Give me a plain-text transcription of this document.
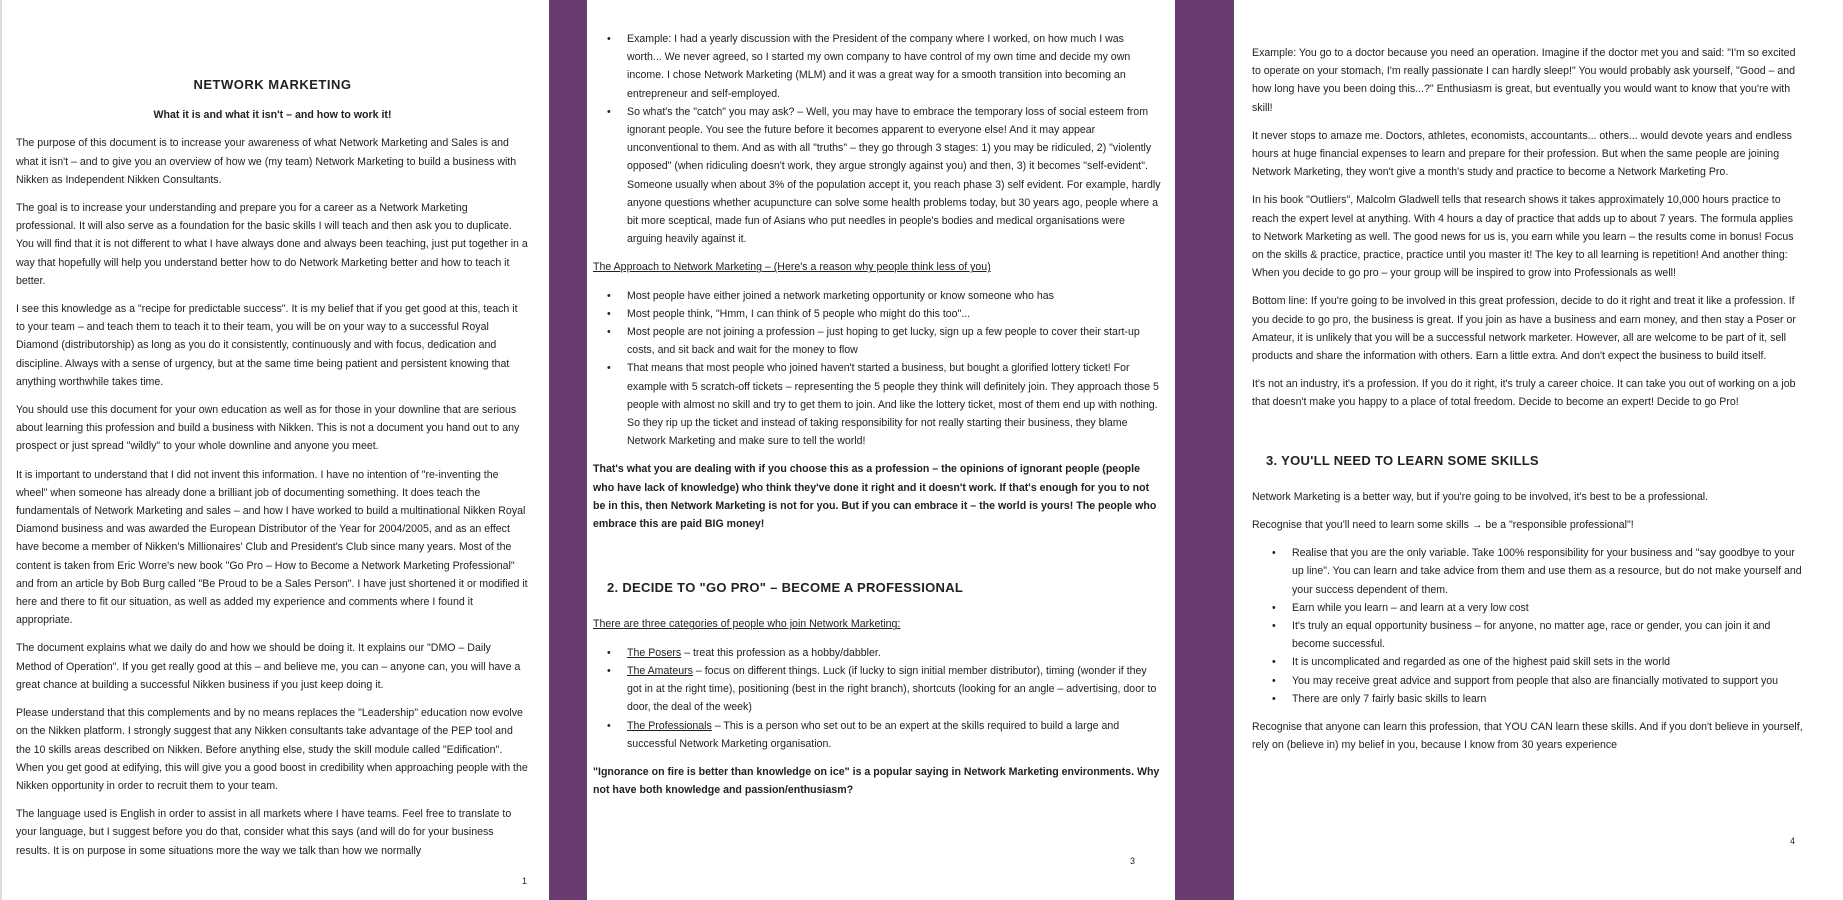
NETWORK MARKETING
What it is and what it isn't – and how to work it!

The purpose of this document is to increase your awareness of what Network Marketing and Sales is and what it isn't – and to give you an overview of how we (my team) Network Marketing to build a business with Nikken as Independent Nikken Consultants.

The goal is to increase your understanding and prepare you for a career as a Network Marketing professional. It will also serve as a foundation for the basic skills I will teach and then ask you to duplicate. You will find that it is not different to what I have always done and always been teaching, just put together in a way that hopefully will help you understand better how to do Network Marketing better and how to teach it better.

I see this knowledge as a "recipe for predictable success". It is my belief that if you get good at this, teach it to your team – and teach them to teach it to their team, you will be on your way to a successful Royal Diamond (distributorship) as long as you do it consistently, continuously and with focus, dedication and discipline. Always with a sense of urgency, but at the same time being patient and persistent knowing that anything worthwhile takes time.

You should use this document for your own education as well as for those in your downline that are serious about learning this profession and build a business with Nikken. This is not a document you hand out to any prospect or just spread "wildly" to your whole downline and anyone you meet.

It is important to understand that I did not invent this information. I have no intention of "re-inventing the wheel" when someone has already done a brilliant job of documenting something. It does teach the fundamentals of Network Marketing and sales – and how I have worked to build a multinational Nikken Royal Diamond business and was awarded the European Distributor of the Year for 2004/2005, and as an effect have become a member of Nikken's Millionaires' Club and President's Club since many years. Most of the content is taken from Eric Worre's new book "Go Pro – How to Become a Network Marketing Professional" and from an article by Bob Burg called "Be Proud to be a Sales Person". I have just shortened it or modified it here and there to fit our situation, as well as added my experience and comments where I found it appropriate.

The document explains what we daily do and how we should be doing it. It explains our "DMO – Daily Method of Operation". If you get really good at this – and believe me, you can – anyone can, you will have a great chance at building a successful Nikken business if you just keep doing it.

Please understand that this complements and by no means replaces the "Leadership" education now evolve on the Nikken platform. I strongly suggest that any Nikken consultants take advantage of the PEP tool and the 10 skills areas described on Nikken. Before anything else, study the skill module called "Edification". When you get good at edifying, this will give you a good boost in credibility when approaching people with the Nikken opportunity in order to recruit them to your team.

The language used is English in order to assist in all markets where I have teams. Feel free to translate to your language, but I suggest before you do that, consider what this says (and will do for your business results. It is on purpose in some situations more the way we talk than how we normally

1
• Example: I had a yearly discussion with the President of the company where I worked, on how much I was worth... We never agreed, so I started my own company to have control of my own time and decide my own income. I chose Network Marketing (MLM) and it was a great way for a smooth transition into becoming an entrepreneur and self-employed.
• So what's the "catch" you may ask? – Well, you may have to embrace the temporary loss of social esteem from ignorant people. You see the future before it becomes apparent to everyone else! And it may appear unconventional to them. And as with all "truths" – they go through 3 stages: 1) you may be ridiculed, 2) "violently opposed" (when ridiculing doesn't work, they argue strongly against you) and then, 3) it becomes "self-evident". Someone usually when about 3% of the population accept it, you reach phase 3) self evident. For example, hardly anyone questions whether acupuncture can solve some health problems today, but 30 years ago, people where a bit more sceptical, made fun of Asians who put needles in people's bodies and medical organisations were arguing heavily against it.

The Approach to Network Marketing – (Here's a reason why people think less of you)

• Most people have either joined a network marketing opportunity or know someone who has
• Most people think, "Hmm, I can think of 5 people who might do this too"...
• Most people are not joining a profession – just hoping to get lucky, sign up a few people to cover their start-up costs, and sit back and wait for the money to flow
• That means that most people who joined haven't started a business, but bought a glorified lottery ticket! For example with 5 scratch-off tickets – representing the 5 people they think will definitely join. They approach those 5 people with almost no skill and try to get them to join. And like the lottery ticket, most of them end up with nothing. So they rip up the ticket and instead of taking responsibility for not really starting their business, they blame Network Marketing and make sure to tell the world!

That's what you are dealing with if you choose this as a profession – the opinions of ignorant people (people who have lack of knowledge) who think they've done it right and it doesn't work. If that's enough for you to not be in this, then Network Marketing is not for you. But if you can embrace it – the world is yours! The people who embrace this are paid BIG money!

2. DECIDE TO "GO PRO" – BECOME A PROFESSIONAL

There are three categories of people who join Network Marketing:

• The Posers – treat this profession as a hobby/dabbler.
• The Amateurs – focus on different things. Luck (if lucky to sign initial member distributor), timing (wonder if they got in at the right time), positioning (best in the right branch), shortcuts (looking for an angle – advertising, door to door, the deal of the week)
• The Professionals – This is a person who set out to be an expert at the skills required to build a large and successful Network Marketing organisation.

"Ignorance on fire is better than knowledge on ice" is a popular saying in Network Marketing environments. Why not have both knowledge and passion/enthusiasm?

3

Example: You go to a doctor because you need an operation. Imagine if the doctor met you and said: "I'm so excited to operate on your stomach, I'm really passionate I can hardly sleep!" You would probably ask yourself, "Good – and how long have you been doing this...?" Enthusiasm is great, but eventually you would want to know that you're with skill!

It never stops to amaze me. Doctors, athletes, economists, accountants... others... would devote years and endless hours at huge financial expenses to learn and prepare for their profession. But when the same people are joining Network Marketing, they won't give a month's study and practice to become a Network Marketing Pro.

In his book "Outliers", Malcolm Gladwell tells that research shows it takes approximately 10,000 hours practice to reach the expert level at anything. With 4 hours a day of practice that adds up to about 7 years. The formula applies to Network Marketing as well. The good news for us is, you earn while you learn – the results come in bonus! Focus on the skills & practice, practice, practice until you master it! The key to all learning is repetition! And another thing: When you decide to go pro – your group will be inspired to grow into Professionals as well!

Bottom line: If you're going to be involved in this great profession, decide to do it right and treat it like a profession. If you decide to go pro, the business is great. If you join as have a business and earn money, and then stay a Poser or Amateur, it is unlikely that you will be a successful network marketer. However, all are welcome to be part of it, sell products and share the information with others. Earn a little extra. And don't expect the business to build itself.

It's not an industry, it's a profession. If you do it right, it's truly a career choice. It can take you out of working on a job that doesn't make you happy to a place of total freedom. Decide to become an expert! Decide to go Pro!

3. YOU'LL NEED TO LEARN SOME SKILLS

Network Marketing is a better way, but if you're going to be involved, it's best to be a professional.

Recognise that you'll need to learn some skills → be a "responsible professional"!

• Realise that you are the only variable. Take 100% responsibility for your business and "say goodbye to your up line". You can learn and take advice from them and use them as a resource, but do not make yourself and your success dependent of them.
• Earn while you learn – and learn at a very low cost
• It's truly an equal opportunity business – for anyone, no matter age, race or gender, you can join it and become successful.
• It is uncomplicated and regarded as one of the highest paid skill sets in the world
• You may receive great advice and support from people that also are financially motivated to support you
• There are only 7 fairly basic skills to learn

Recognise that anyone can learn this profession, that YOU CAN learn these skills. And if you don't believe in yourself, rely on (believe in) my belief in you, because I know from 30 years experience

4
